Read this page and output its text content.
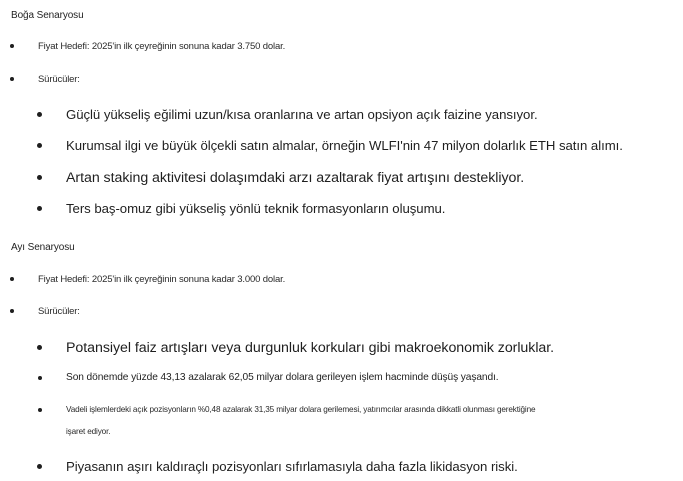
Boğa Senaryosu
Fiyat Hedefi: 2025'in ilk çeyreğinin sonuna kadar 3.750 dolar.
Sürücüler:
Güçlü yükseliş eğilimi uzun/kısa oranlarına ve artan opsiyon açık faizine yansıyor.
Kurumsal ilgi ve büyük ölçekli satın almalar, örneğin WLFI'nin 47 milyon dolarlık ETH satın alımı.
Artan staking aktivitesi dolaşımdaki arzı azaltarak fiyat artışını destekliyor.
Ters baş-omuz gibi yükseliş yönlü teknik formasyonların oluşumu.
Ayı Senaryosu
Fiyat Hedefi: 2025'in ilk çeyreğinin sonuna kadar 3.000 dolar.
Sürücüler:
Potansiyel faiz artışları veya durgunluk korkuları gibi makroekonomik zorluklar.
Son dönemde yüzde 43,13 azalarak 62,05 milyar dolara gerileyen işlem hacminde düşüş yaşandı.
Vadeli işlemlerdeki açık pozisyonların %0,48 azalarak 31,35 milyar dolara gerilemesi, yatırımcılar arasında dikkatli olunması gerektiğine
işaret ediyor.
Piyasanın aşırı kaldıraçlı pozisyonları sıfırlamasıyla daha fazla likidasyon riski.
